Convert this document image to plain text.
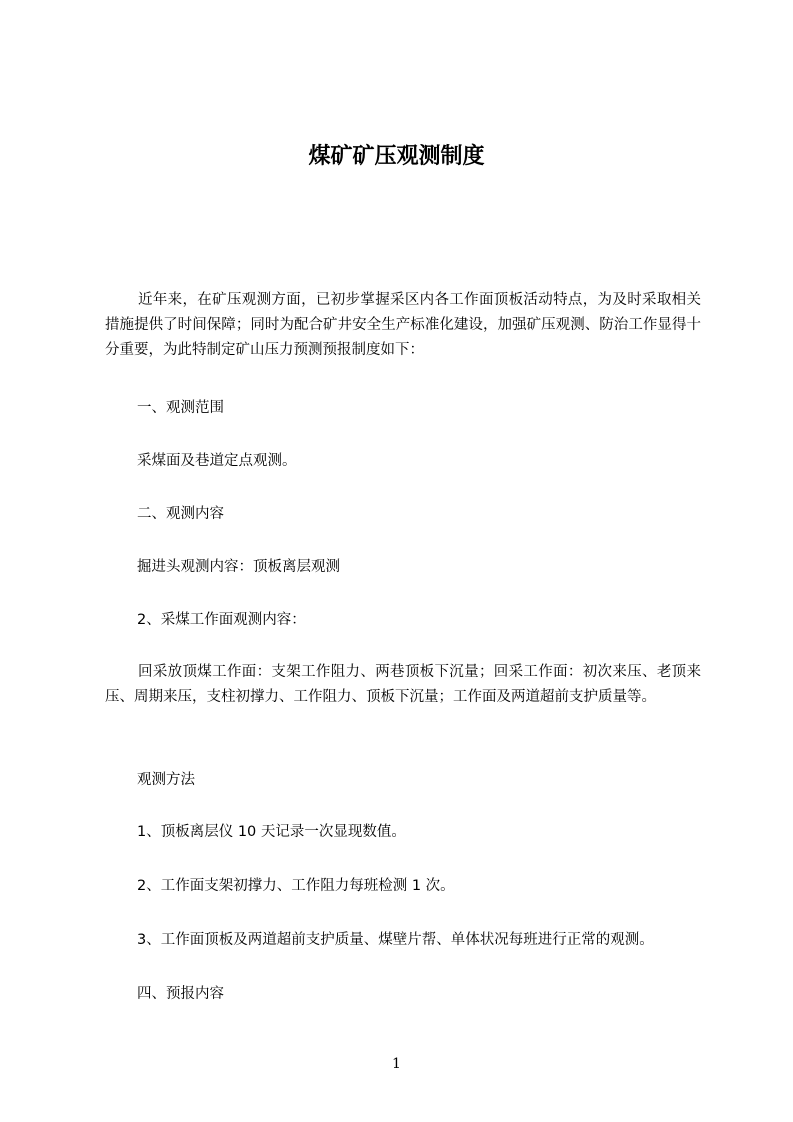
煤矿矿压观测制度

近年来，在矿压观测方面，已初步掌握采区内各工作面顶板活动特点，为及时采取相关措施提供了时间保障；同时为配合矿井安全生产标准化建设，加强矿压观测、防治工作显得十分重要，为此特制定矿山压力预测预报制度如下：

一、观测范围

采煤面及巷道定点观测。

二、观测内容

掘进头观测内容：顶板离层观测

2、采煤工作面观测内容：

回采放顶煤工作面：支架工作阻力、两巷顶板下沉量；回采工作面：初次来压、老顶来压、周期来压，支柱初撑力、工作阻力、顶板下沉量；工作面及两道超前支护质量等。

观测方法

1、顶板离层仪 10 天记录一次显现数值。

2、工作面支架初撑力、工作阻力每班检测 1 次。

3、工作面顶板及两道超前支护质量、煤壁片帮、单体状况每班进行正常的观测。

四、预报内容

1
